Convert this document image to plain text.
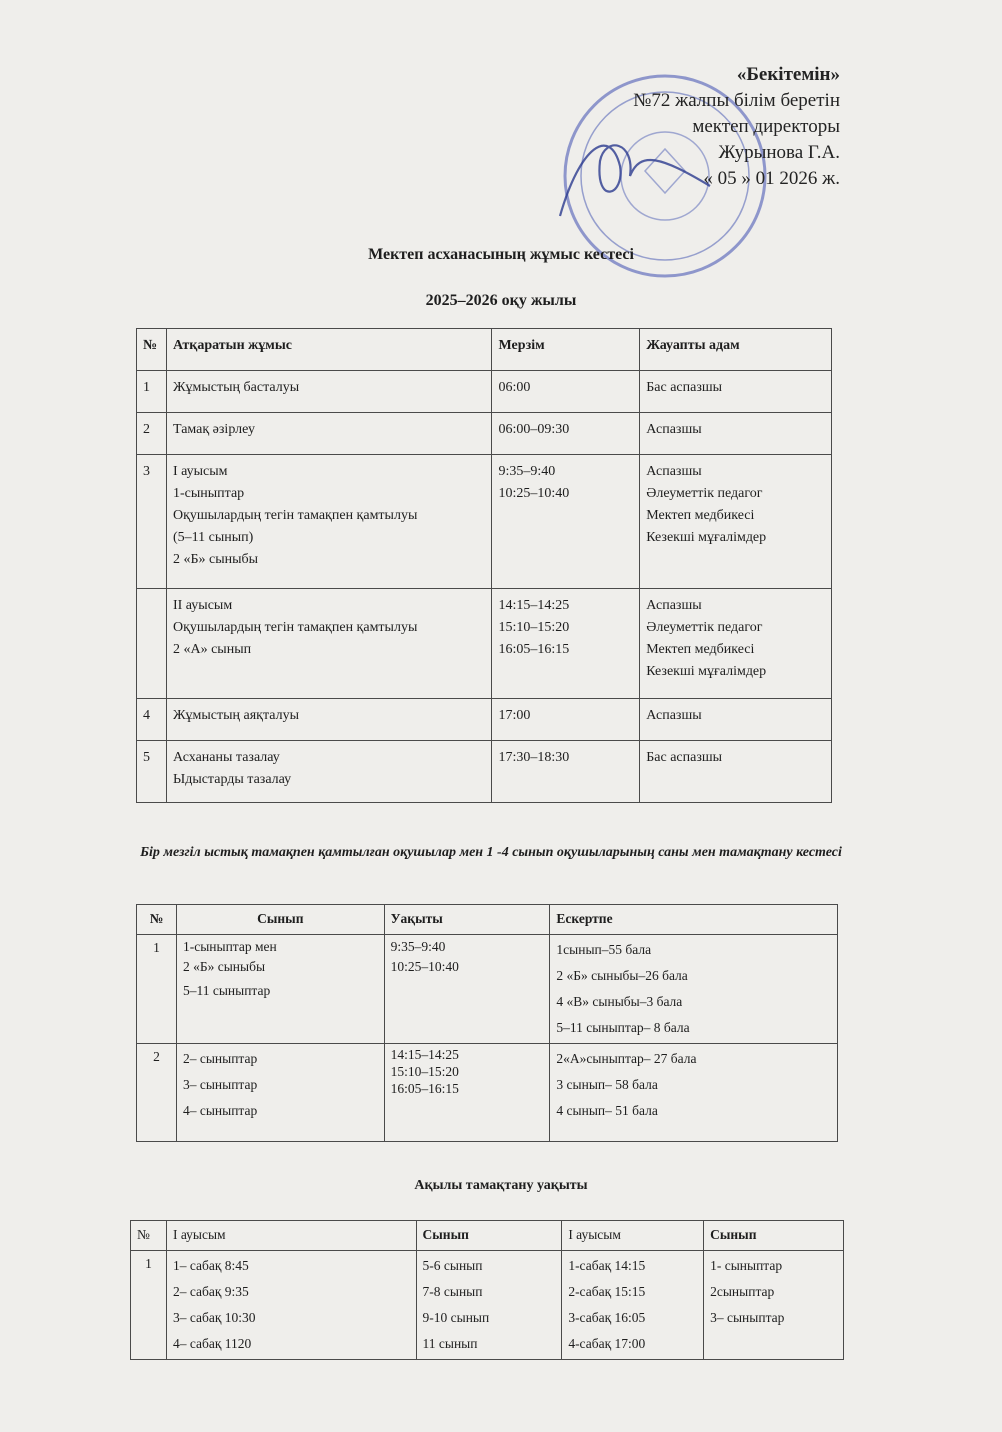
«Бекітемін»
№72 жалпы білім беретін
мектеп директоры
Журынова Г.А.
« 05 » 01 2026 ж.
Мектеп асханасының жұмыс кестесі
2025–2026 оқу жылы
№	Атқаратын жұмыс	Мерзім	Жауапты адам
1	Жұмыстың басталуы	06:00	Бас аспазшы

2	Тамақ әзірлеу	06:00–09:30	Аспазшы

3	І ауысым
1-сыныптар
Оқушылардың тегін тамақпен қамтылуы
(5–11 сынып)
2 «Б» сыныбы	9:35–9:40
10:25–10:40	Аспазшы
Әлеуметтік педагог
Мектеп медбикесі
Кезекші мұғалімдер

	ІІ ауысым
Оқушылардың тегін тамақпен қамтылуы
2 «А» сынып	14:15–14:25
15:10–15:20
16:05–16:15	Аспазшы
Әлеуметтік педагог
Мектеп медбикесі
Кезекші мұғалімдер

4	Жұмыстың аяқталуы	17:00	Аспазшы

5	Асхананы тазалау
Ыдыстарды тазалау	17:30–18:30	Бас аспазшы
Бір мезгіл ыстық тамақпен қамтылған оқушылар мен 1 -4 сынып оқушыларының саны мен тамақтану кестесі
№	Сынып	Уақыты	Ескертпе
1	1-сыныптар мен
2 «Б» сыныбы
5–11 сыныптар	9:35–9:40
10:25–10:40	1сынып–55 бала
2 «Б» сыныбы–26 бала
4 «В» сыныбы–3 бала
5–11 сыныптар– 8 бала

2	2– сыныптар
3– сыныптар
4– сыныптар	14:15–14:25
15:10–15:20
16:05–16:15	2«А»сыныптар– 27 бала
3 сынып– 58 бала
4 сынып– 51 бала
Ақылы тамақтану уақыты
№	І ауысым	Сынып	І ауысым	Сынып
1	1– сабақ 8:45
2– сабақ 9:35
3– сабақ 10:30
4– сабақ 1120	5-6 сынып
7-8 сынып
9-10 сынып
11 сынып	1-сабақ 14:15
2-сабақ 15:15
3-сабақ 16:05
4-сабақ 17:00	1- сыныптар
2сыныптар
3– сыныптар
